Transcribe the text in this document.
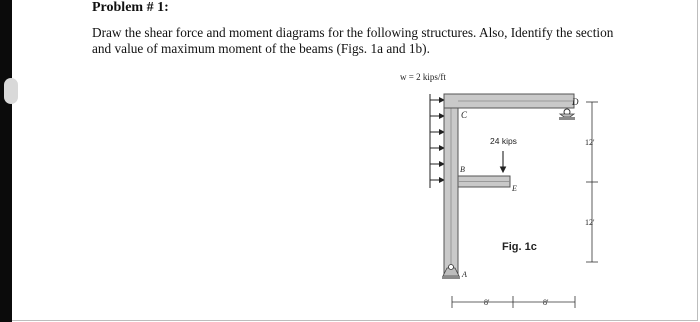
Problem # 1:
Draw the shear force and moment diagrams for the following structures. Also, Identify the section and value of maximum moment of the beams (Figs. 1a and 1b).
w = 2 kips/ft
C
B
E
D
A
24 kips
Fig. 1c
12'
12'
8'	8'
